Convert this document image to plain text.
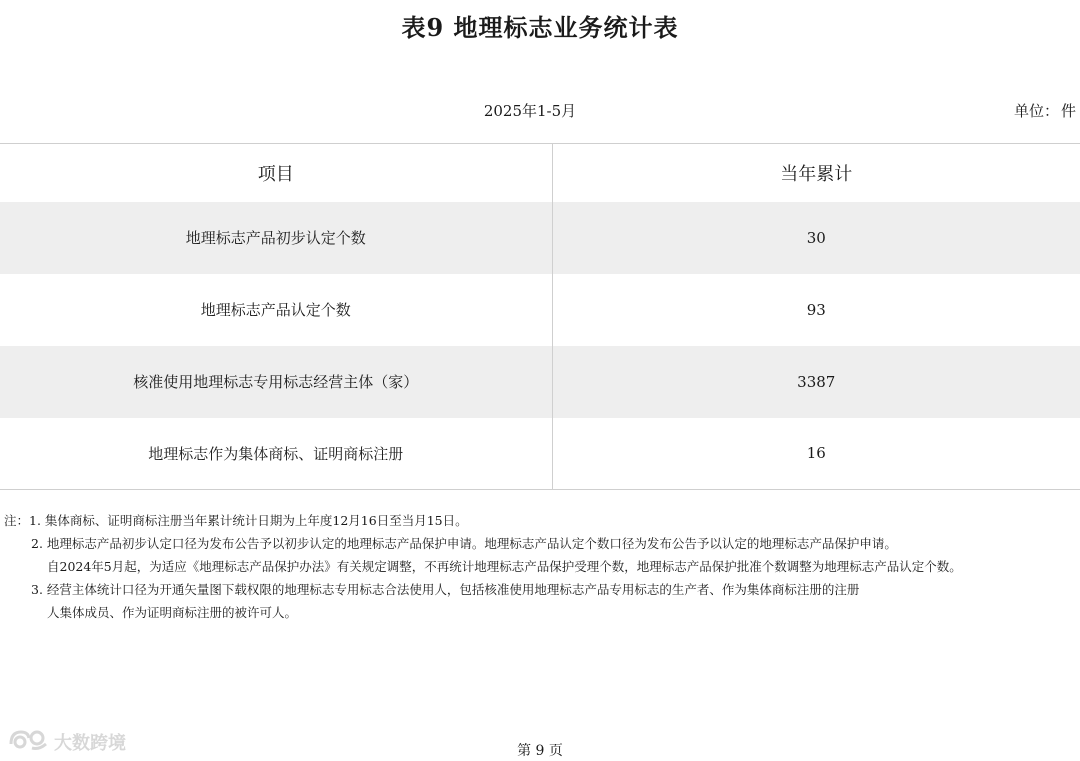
表9 地理标志业务统计表
2025年1-5月	单位： 件
项目	当年累计
地理标志产品初步认定个数	30
地理标志产品认定个数	93
核准使用地理标志专用标志经营主体（家）	3387
地理标志作为集体商标、证明商标注册	16
注：1. 集体商标、证明商标注册当年累计统计日期为上年度12月16日至当月15日。
2. 地理标志产品初步认定口径为发布公告予以初步认定的地理标志产品保护申请。地理标志产品认定个数口径为发布公告予以认定的地理标志产品保护申请。
自2024年5月起，为适应《地理标志产品保护办法》有关规定调整，不再统计地理标志产品保护受理个数，地理标志产品保护批准个数调整为地理标志产品认定个数。
3. 经营主体统计口径为开通矢量图下载权限的地理标志专用标志合法使用人，包括核准使用地理标志产品专用标志的生产者、作为集体商标注册的注册
人集体成员、作为证明商标注册的被许可人。
大数跨境	第 9 页
